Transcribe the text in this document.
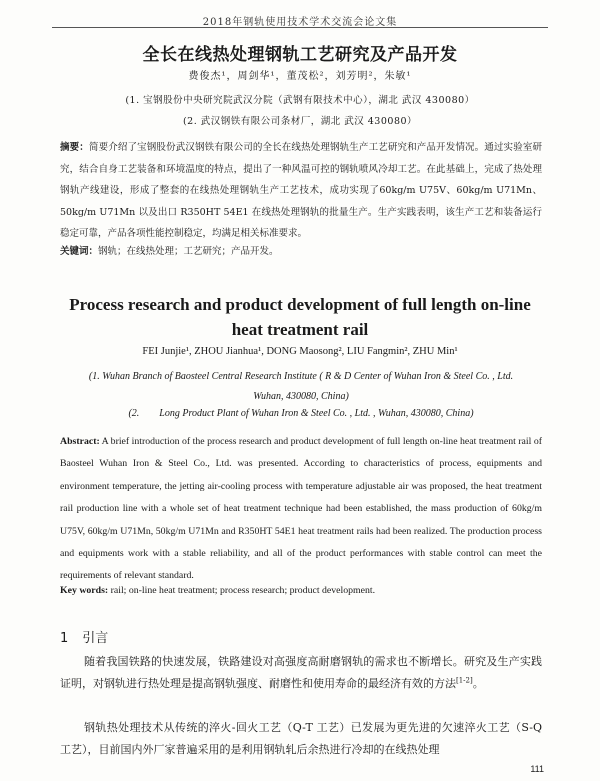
2018年钢轨使用技术学术交流会论文集
全长在线热处理钢轨工艺研究及产品开发
费俊杰¹，周剑华¹，董茂松²，刘芳明²，朱敏¹
(1. 宝钢股份中央研究院武汉分院（武钢有限技术中心），湖北 武汉 430080）
(2. 武汉钢铁有限公司条材厂，湖北 武汉 430080）
摘要：简要介绍了宝钢股份武汉钢铁有限公司的全长在线热处理钢轨生产工艺研究和产品开发情况。通过实验室研究，结合自身工艺装备和环境温度的特点，提出了一种风温可控的钢轨喷风冷却工艺。在此基础上，完成了热处理钢轨产线建设，形成了整套的在线热处理钢轨生产工艺技术，成功实现了60kg/m U75V、60kg/m U71Mn、50kg/m U71Mn 以及出口 R350HT 54E1 在线热处理钢轨的批量生产。生产实践表明，该生产工艺和装备运行稳定可靠，产品各项性能控制稳定，均满足相关标准要求。
关键词：钢轨；在线热处理；工艺研究；产品开发。
Process research and product development of full length on-line
heat treatment rail
FEI Junjie¹, ZHOU Jianhua¹, DONG Maosong², LIU Fangmin², ZHU Min¹
(1. Wuhan Branch of Baosteel Central Research Institute ( R & D Center of Wuhan Iron & Steel Co. , Ltd.
Wuhan, 430080, China)
(2.        Long Product Plant of Wuhan Iron & Steel Co. , Ltd. , Wuhan, 430080, China)
Abstract: A brief introduction of the process research and product development of full length on-line heat treatment rail of Baosteel Wuhan Iron & Steel Co., Ltd. was presented. According to characteristics of process, equipments and environment temperature, the jetting air-cooling process with temperature adjustable air was proposed, the heat treatment rail production line with a whole set of heat treatment technique had been established, the mass production of 60kg/m U75V, 60kg/m U71Mn, 50kg/m U71Mn and R350HT 54E1 heat treatment rails had been realized. The production process and equipments work with a stable reliability, and all of the product performances with stable control can meet the requirements of relevant standard.
Key words: rail; on-line heat treatment; process research; product development.
1 引言

随着我国铁路的快速发展，铁路建设对高强度高耐磨钢轨的需求也不断增长。研究及生产实践证明，对钢轨进行热处理是提高钢轨强度、耐磨性和使用寿命的最经济有效的方法[1-2]。

钢轨热处理技术从传统的淬火-回火工艺（Q-T 工艺）已发展为更先进的欠速淬火工艺（S-Q 工艺），目前国内外厂家普遍采用的是利用钢轨轧后余热进行冷却的在线热处理

111
